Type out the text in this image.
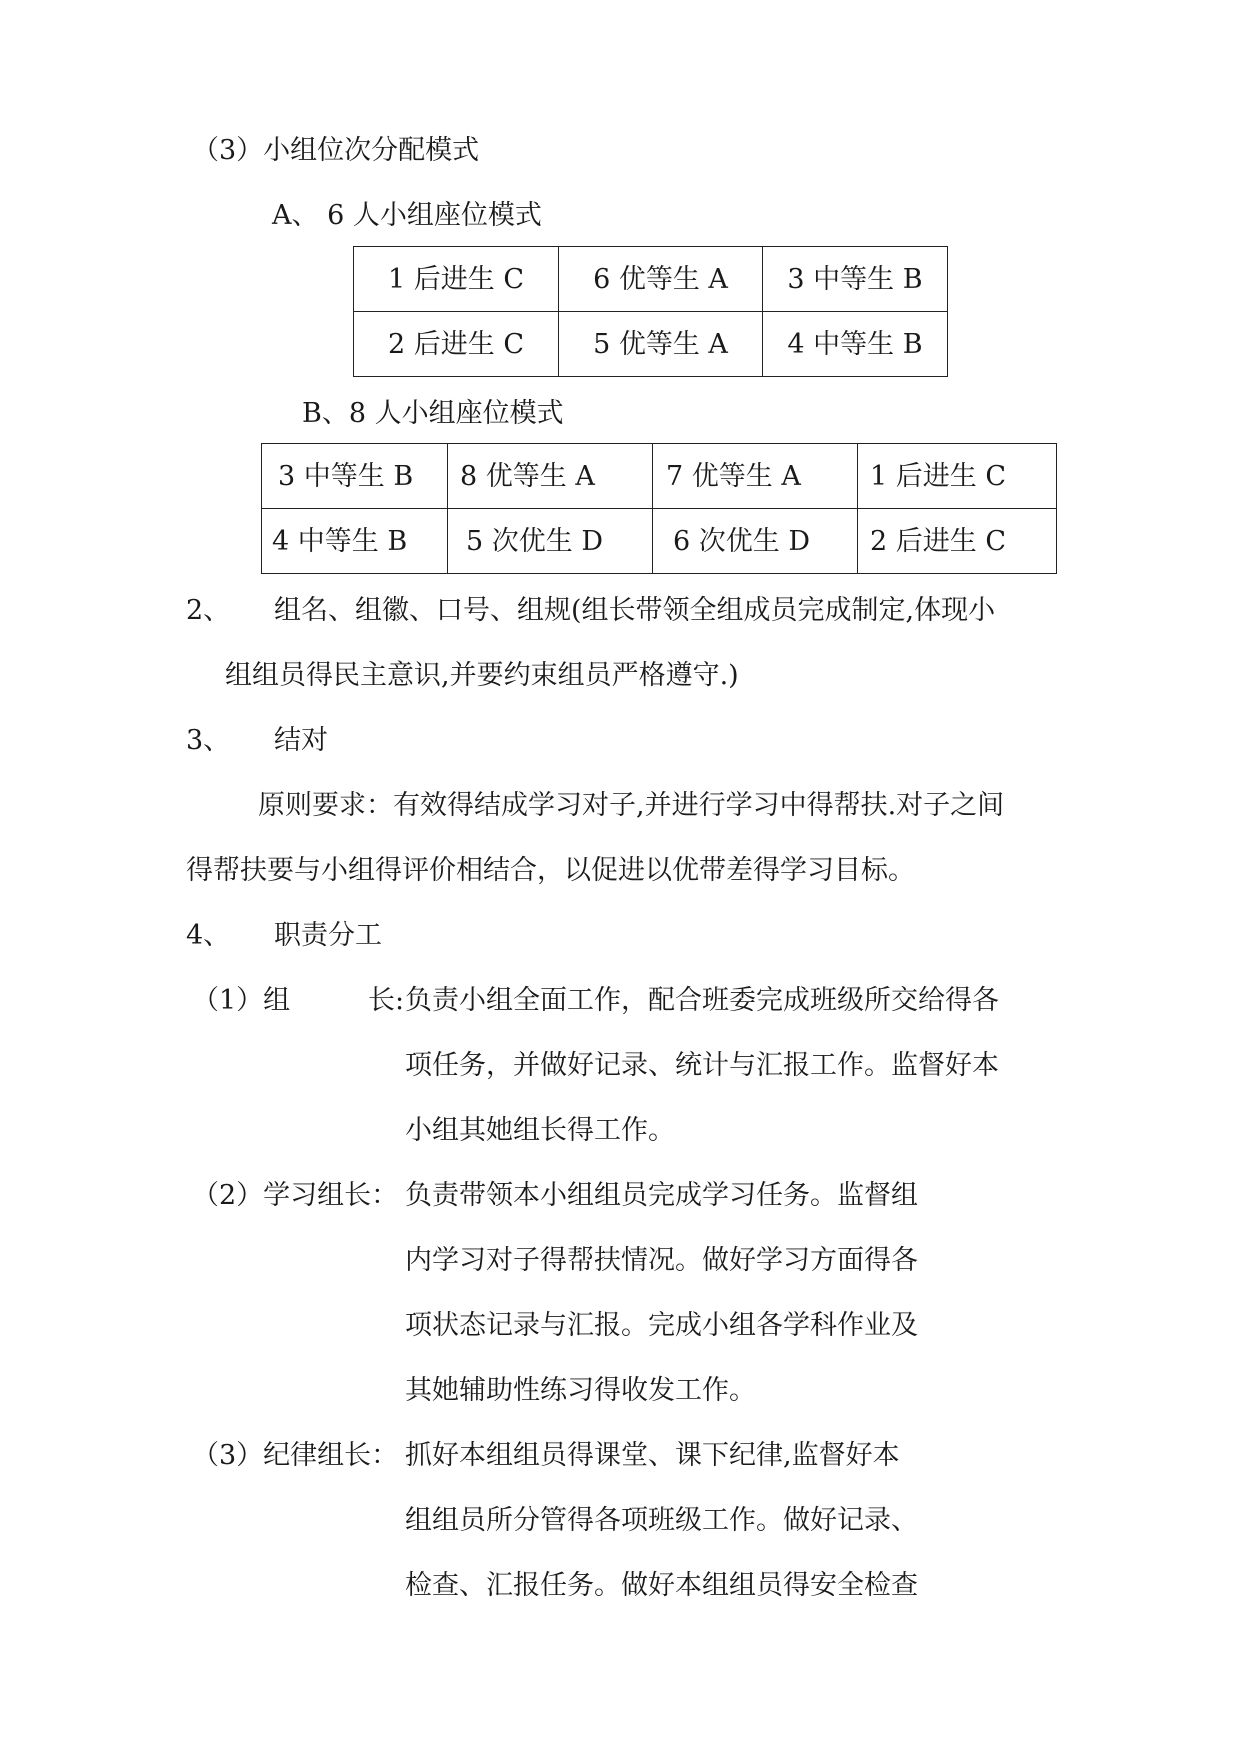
（3）小组位次分配模式
A、 6 人小组座位模式
1 后进生 C	6 优等生 A	3 中等生 B
2 后进生 C	5 优等生 A	4 中等生 B
B、8 人小组座位模式
3 中等生 B	8 优等生 A	7 优等生 A	1 后进生 C
4 中等生 B	5 次优生 D	6 次优生 D	2 后进生 C
2、 组名、组徽、口号、组规(组长带领全组成员完成制定,体现小
组组员得民主意识,并要约束组员严格遵守.)
3、 结对
原则要求：有效得结成学习对子,并进行学习中得帮扶.对子之间
得帮扶要与小组得评价相结合，以促进以优带差得学习目标。
4、 职责分工
（1）组	长: 负责小组全面工作，配合班委完成班级所交给得各
项任务，并做好记录、统计与汇报工作。监督好本
小组其她组长得工作。
（2）学习组长： 负责带领本小组组员完成学习任务。监督组
内学习对子得帮扶情况。做好学习方面得各
项状态记录与汇报。完成小组各学科作业及
其她辅助性练习得收发工作。
（3）纪律组长： 抓好本组组员得课堂、课下纪律,监督好本
组组员所分管得各项班级工作。做好记录、
检查、汇报任务。做好本组组员得安全检查
